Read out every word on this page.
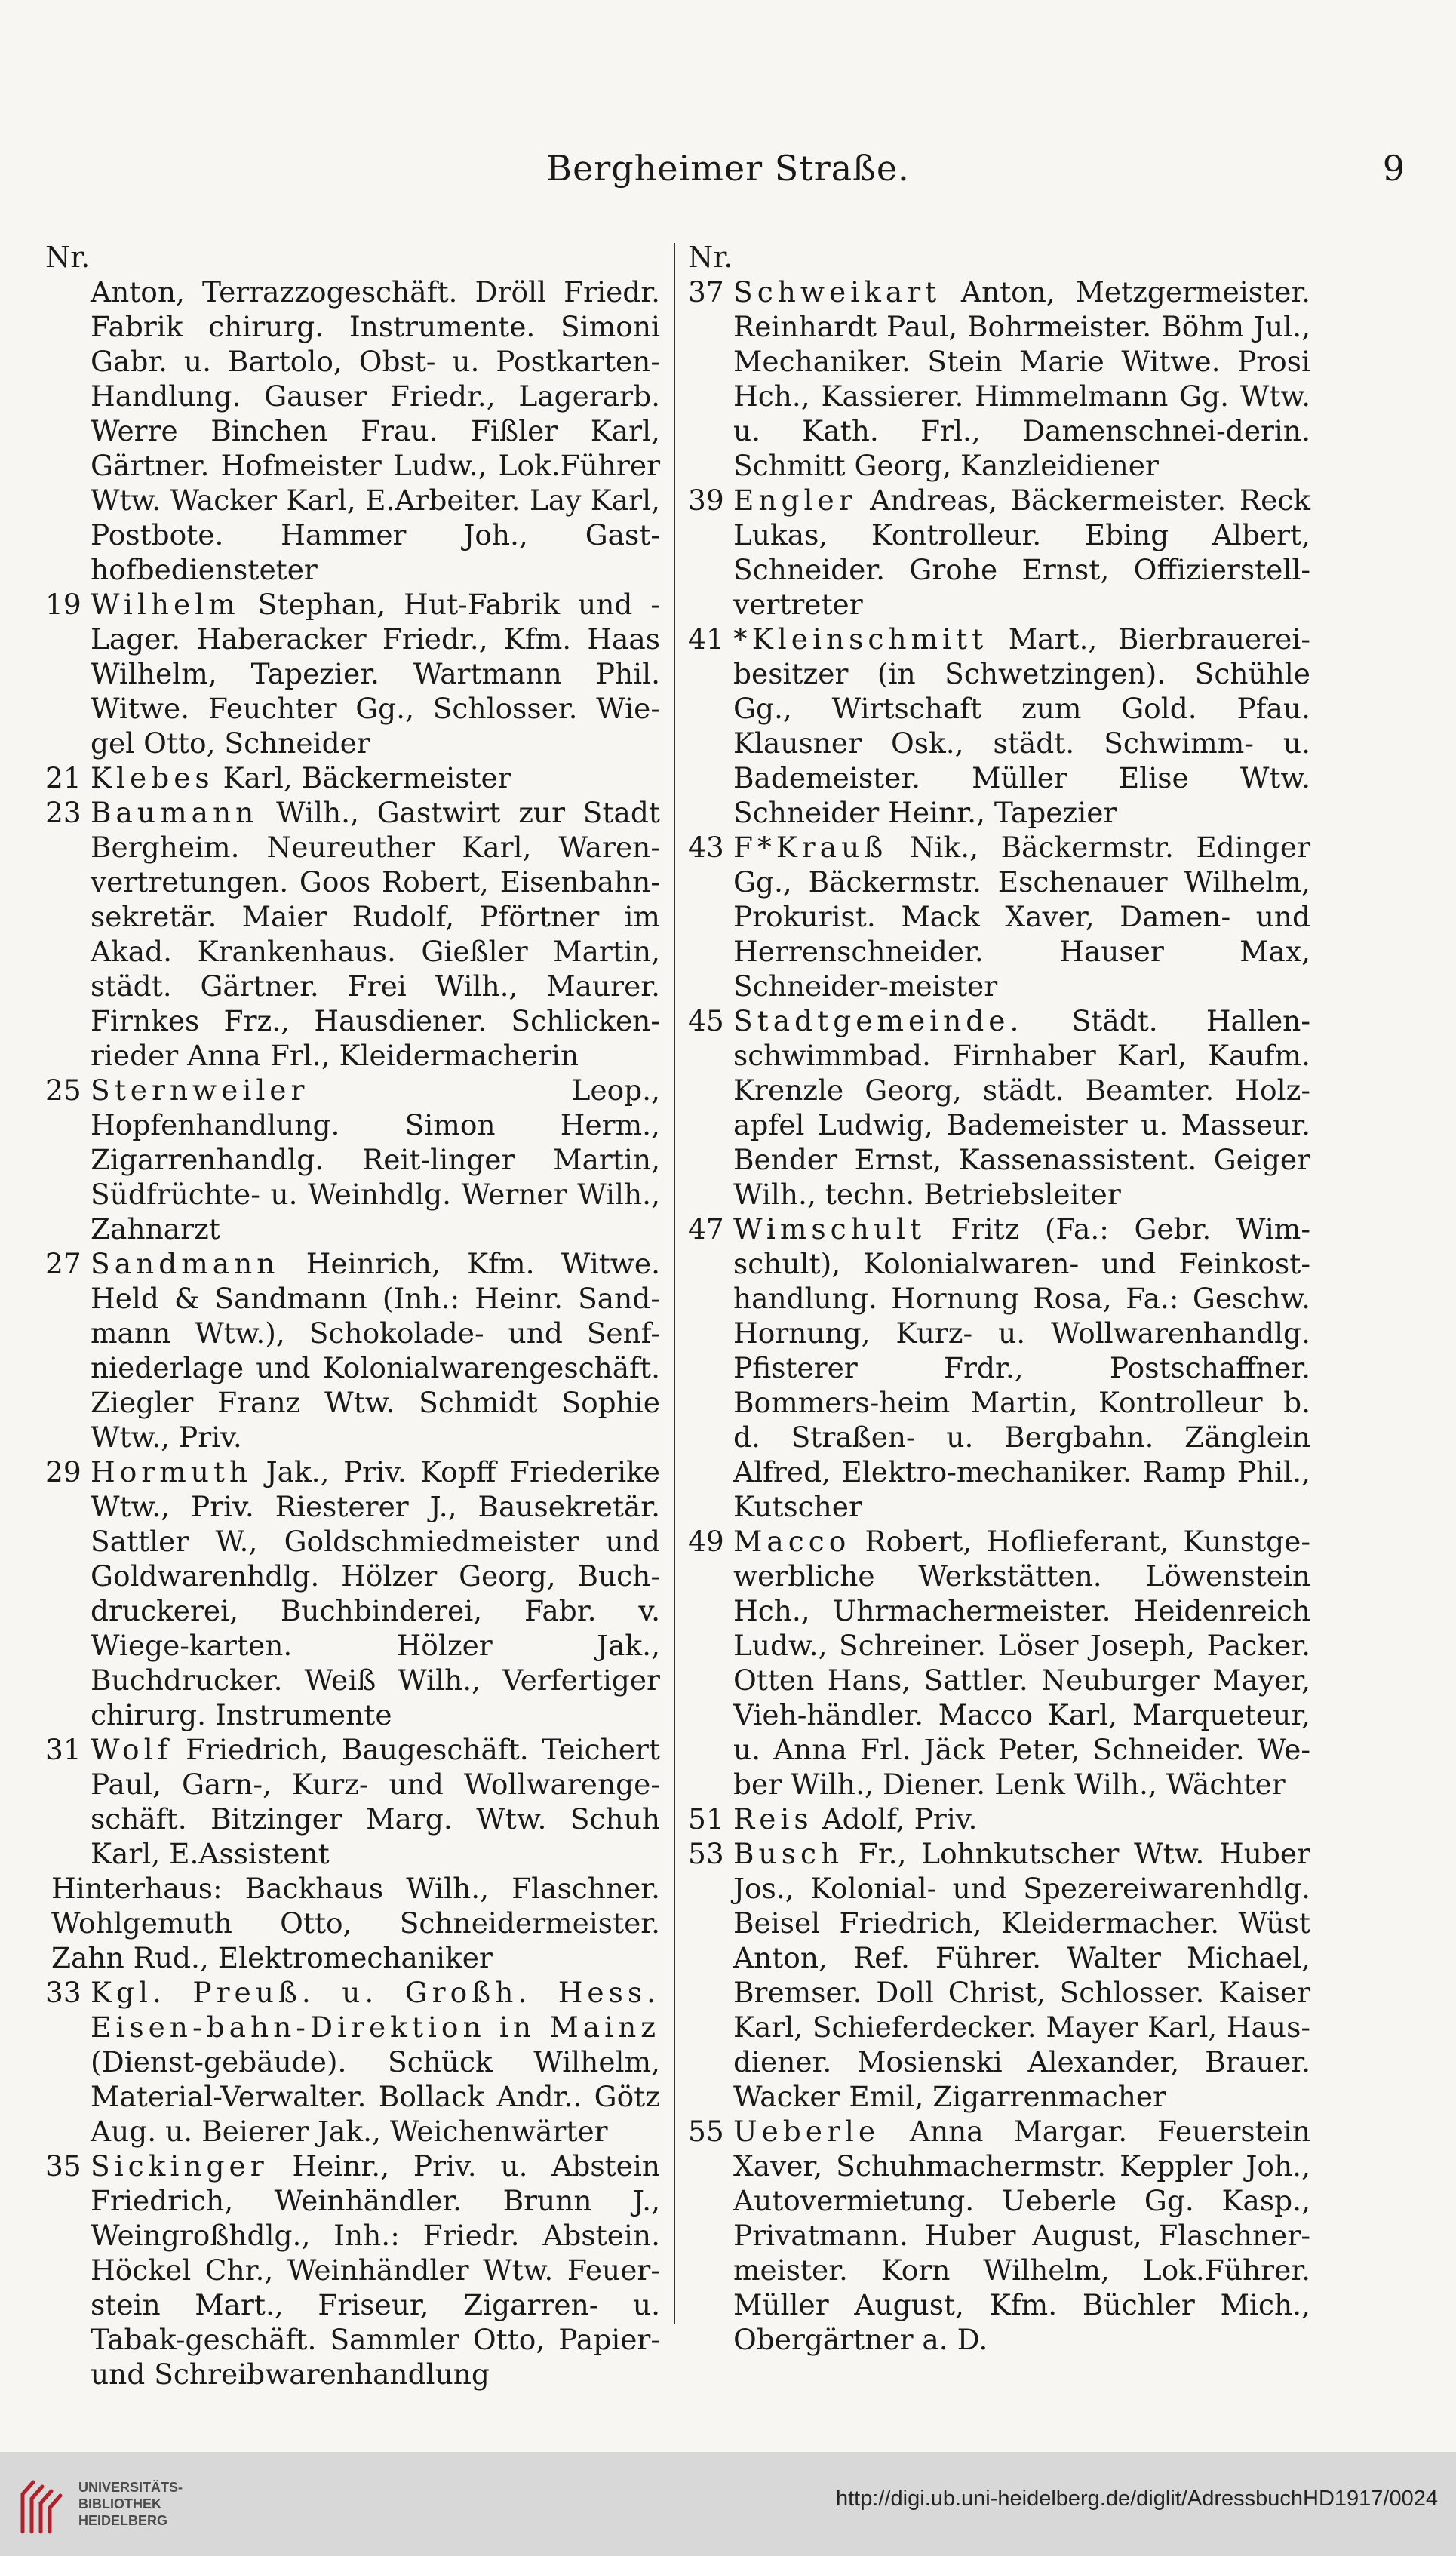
Bergheimer Straße.	9
Nr.
Anton, Terrazzogeschäft. Dröll Friedr. Fabrik chirurg. Instrumente. Simoni Gabr. u. Bartolo, Obst- u. Postkarten-Handlung. Gauser Friedr., Lagerarb. Werre Binchen Frau. Fißler Karl, Gärtner. Hofmeister Ludw., Lok.Führer Wtw. Wacker Karl, E.Arbeiter. Lay Karl, Postbote. Hammer Joh., Gast-hofbediensteter
19 Wilhelm Stephan, Hut-Fabrik und -Lager. Haberacker Friedr., Kfm. Haas Wilhelm, Tapezier. Wartmann Phil. Witwe. Feuchter Gg., Schlosser. Wie-gel Otto, Schneider
21 Klebes Karl, Bäckermeister
23 Baumann Wilh., Gastwirt zur Stadt Bergheim. Neureuther Karl, Waren-vertretungen. Goos Robert, Eisenbahn-sekretär. Maier Rudolf, Pförtner im Akad. Krankenhaus. Gießler Martin, städt. Gärtner. Frei Wilh., Maurer. Firnkes Frz., Hausdiener. Schlicken-rieder Anna Frl., Kleidermacherin
25 Sternweiler Leop., Hopfenhandlung. Simon Herm., Zigarrenhandlg. Reit-linger Martin, Südfrüchte- u. Weinhdlg. Werner Wilh., Zahnarzt
27 Sandmann Heinrich, Kfm. Witwe. Held & Sandmann (Inh.: Heinr. Sand-mann Wtw.), Schokolade- und Senf-niederlage und Kolonialwarengeschäft. Ziegler Franz Wtw. Schmidt Sophie Wtw., Priv.
29 Hormuth Jak., Priv. Kopff Friederike Wtw., Priv. Riesterer J., Bausekretär. Sattler W., Goldschmiedmeister und Goldwarenhdlg. Hölzer Georg, Buch-druckerei, Buchbinderei, Fabr. v. Wiege-karten. Hölzer Jak., Buchdrucker. Weiß Wilh., Verfertiger chirurg. Instrumente
31 Wolf Friedrich, Baugeschäft. Teichert Paul, Garn-, Kurz- und Wollwarenge-schäft. Bitzinger Marg. Wtw. Schuh Karl, E.Assistent
Hinterhaus: Backhaus Wilh., Flaschner. Wohlgemuth Otto, Schneidermeister. Zahn Rud., Elektromechaniker
33 Kgl. Preuß. u. Großh. Hess. Eisen-bahn-Direktion in Mainz (Dienst-gebäude). Schück Wilhelm, Material-Verwalter. Bollack Andr.. Götz Aug. u. Beierer Jak., Weichenwärter
35 Sickinger Heinr., Priv. u. Abstein Friedrich, Weinhändler. Brunn J., Weingroßhdlg., Inh.: Friedr. Abstein. Höckel Chr., Weinhändler Wtw. Feuer-stein Mart., Friseur, Zigarren- u. Tabak-geschäft. Sammler Otto, Papier- und Schreibwarenhandlung
Nr.
37 Schweikart Anton, Metzgermeister. Reinhardt Paul, Bohrmeister. Böhm Jul., Mechaniker. Stein Marie Witwe. Prosi Hch., Kassierer. Himmelmann Gg. Wtw. u. Kath. Frl., Damenschnei-derin. Schmitt Georg, Kanzleidiener
39 Engler Andreas, Bäckermeister. Reck Lukas, Kontrolleur. Ebing Albert, Schneider. Grohe Ernst, Offizierstell-vertreter
41 *Kleinschmitt Mart., Bierbrauerei-besitzer (in Schwetzingen). Schühle Gg., Wirtschaft zum Gold. Pfau. Klausner Osk., städt. Schwimm- u. Bademeister. Müller Elise Wtw. Schneider Heinr., Tapezier
43 F*Krauß Nik., Bäckermstr. Edinger Gg., Bäckermstr. Eschenauer Wilhelm, Prokurist. Mack Xaver, Damen- und Herrenschneider. Hauser Max, Schneider-meister
45 Stadtgemeinde. Städt. Hallen-schwimmbad. Firnhaber Karl, Kaufm. Krenzle Georg, städt. Beamter. Holz-apfel Ludwig, Bademeister u. Masseur. Bender Ernst, Kassenassistent. Geiger Wilh., techn. Betriebsleiter
47 Wimschult Fritz (Fa.: Gebr. Wim-schult), Kolonialwaren- und Feinkost-handlung. Hornung Rosa, Fa.: Geschw. Hornung, Kurz- u. Wollwarenhandlg. Pfisterer Frdr., Postschaffner. Bommers-heim Martin, Kontrolleur b. d. Straßen- u. Bergbahn. Zänglein Alfred, Elektro-mechaniker. Ramp Phil., Kutscher
49 Macco Robert, Hoflieferant, Kunstge-werbliche Werkstätten. Löwenstein Hch., Uhrmachermeister. Heidenreich Ludw., Schreiner. Löser Joseph, Packer. Otten Hans, Sattler. Neuburger Mayer, Vieh-händler. Macco Karl, Marqueteur, u. Anna Frl. Jäck Peter, Schneider. We-ber Wilh., Diener. Lenk Wilh., Wächter
51 Reis Adolf, Priv.
53 Busch Fr., Lohnkutscher Wtw. Huber Jos., Kolonial- und Spezereiwarenhdlg. Beisel Friedrich, Kleidermacher. Wüst Anton, Ref. Führer. Walter Michael, Bremser. Doll Christ, Schlosser. Kaiser Karl, Schieferdecker. Mayer Karl, Haus-diener. Mosienski Alexander, Brauer. Wacker Emil, Zigarrenmacher
55 Ueberle Anna Margar. Feuerstein Xaver, Schuhmachermstr. Keppler Joh., Autovermietung. Ueberle Gg. Kasp., Privatmann. Huber August, Flaschner-meister. Korn Wilhelm, Lok.Führer. Müller August, Kfm. Büchler Mich., Obergärtner a. D.
UNIVERSITÄTS-
BIBLIOTHEK
HEIDELBERG
http://digi.ub.uni-heidelberg.de/diglit/AdressbuchHD1917/0024
